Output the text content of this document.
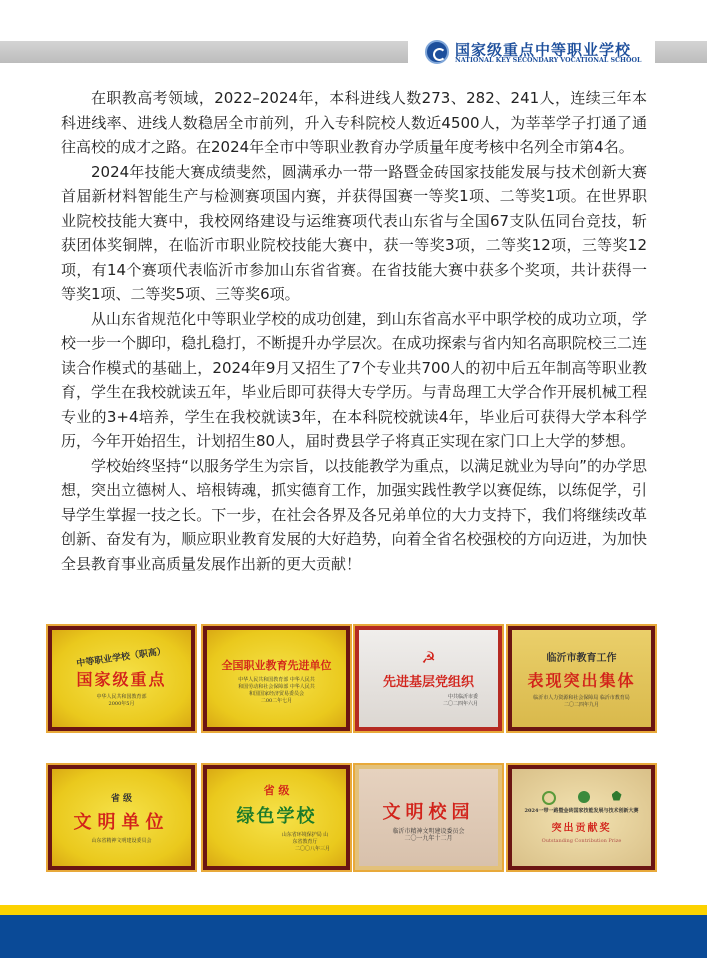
国家级重点中等职业学校
NATIONAL KEY SECONDARY VOCATIONAL SCHOOL

在职教高考领域，2022–2024年，本科进线人数273、282、241人，连续三年本科进线率、进线人数稳居全市前列，升入专科院校人数近4500人，为莘莘学子打通了通往高校的成才之路。在2024年全市中等职业教育办学质量年度考核中名列全市第4名。

2024年技能大赛成绩斐然，圆满承办一带一路暨金砖国家技能发展与技术创新大赛首届新材料智能生产与检测赛项国内赛，并获得国赛一等奖1项、二等奖1项。在世界职业院校技能大赛中，我校网络建设与运维赛项代表山东省与全国67支队伍同台竞技，斩获团体奖铜牌，在临沂市职业院校技能大赛中，获一等奖3项，二等奖12项，三等奖12项，有14个赛项代表临沂市参加山东省省赛。在省技能大赛中获多个奖项，共计获得一等奖1项、二等奖5项、三等奖6项。

从山东省规范化中等职业学校的成功创建，到山东省高水平中职学校的成功立项，学校一步一个脚印，稳扎稳打，不断提升办学层次。在成功探索与省内知名高职院校三二连读合作模式的基础上，2024年9月又招生了7个专业共700人的初中后五年制高等职业教育，学生在我校就读五年，毕业后即可获得大专学历。与青岛理工大学合作开展机械工程专业的3+4培养，学生在我校就读3年，在本科院校就读4年，毕业后可获得大学本科学历，今年开始招生，计划招生80人，届时费县学子将真正实现在家门口上大学的梦想。

学校始终坚持“以服务学生为宗旨，以技能教学为重点，以满足就业为导向”的办学思想，突出立德树人、培根铸魂，抓实德育工作，加强实践性教学以赛促练，以练促学，引导学生掌握一技之长。下一步，在社会各界及各兄弟单位的大力支持下，我们将继续改革创新、奋发有为，顺应职业教育发展的大好趋势，向着全省名校强校的方向迈进，为加快全县教育事业高质量发展作出新的更大贡献！

中等职业学校（职高）
国家级重点
中华人民共和国教育部
2000年5月
全国职业教育先进单位
中华人民共和国教育部 中华人民共和国劳动和社会保障部 中华人民共和国国家经济贸易委员会
二00二年七月
☭
先进基层党组织
中共临沂市委
二〇二四年六月
临沂市教育工作
表现突出集体
临沂市人力资源和社会保障局 临沂市教育局
二〇二四年九月
省 级
文明单位
山东省精神文明建设委员会
省 级
绿色学校
山东省环境保护局 山东省教育厅
二〇〇八年三月
文明校园
临沂市精神文明建设委员会
二〇一九年十二月
2024一带一路暨金砖国家技能发展与技术创新大赛
突出贡献奖
Outstanding Contribution Prize
